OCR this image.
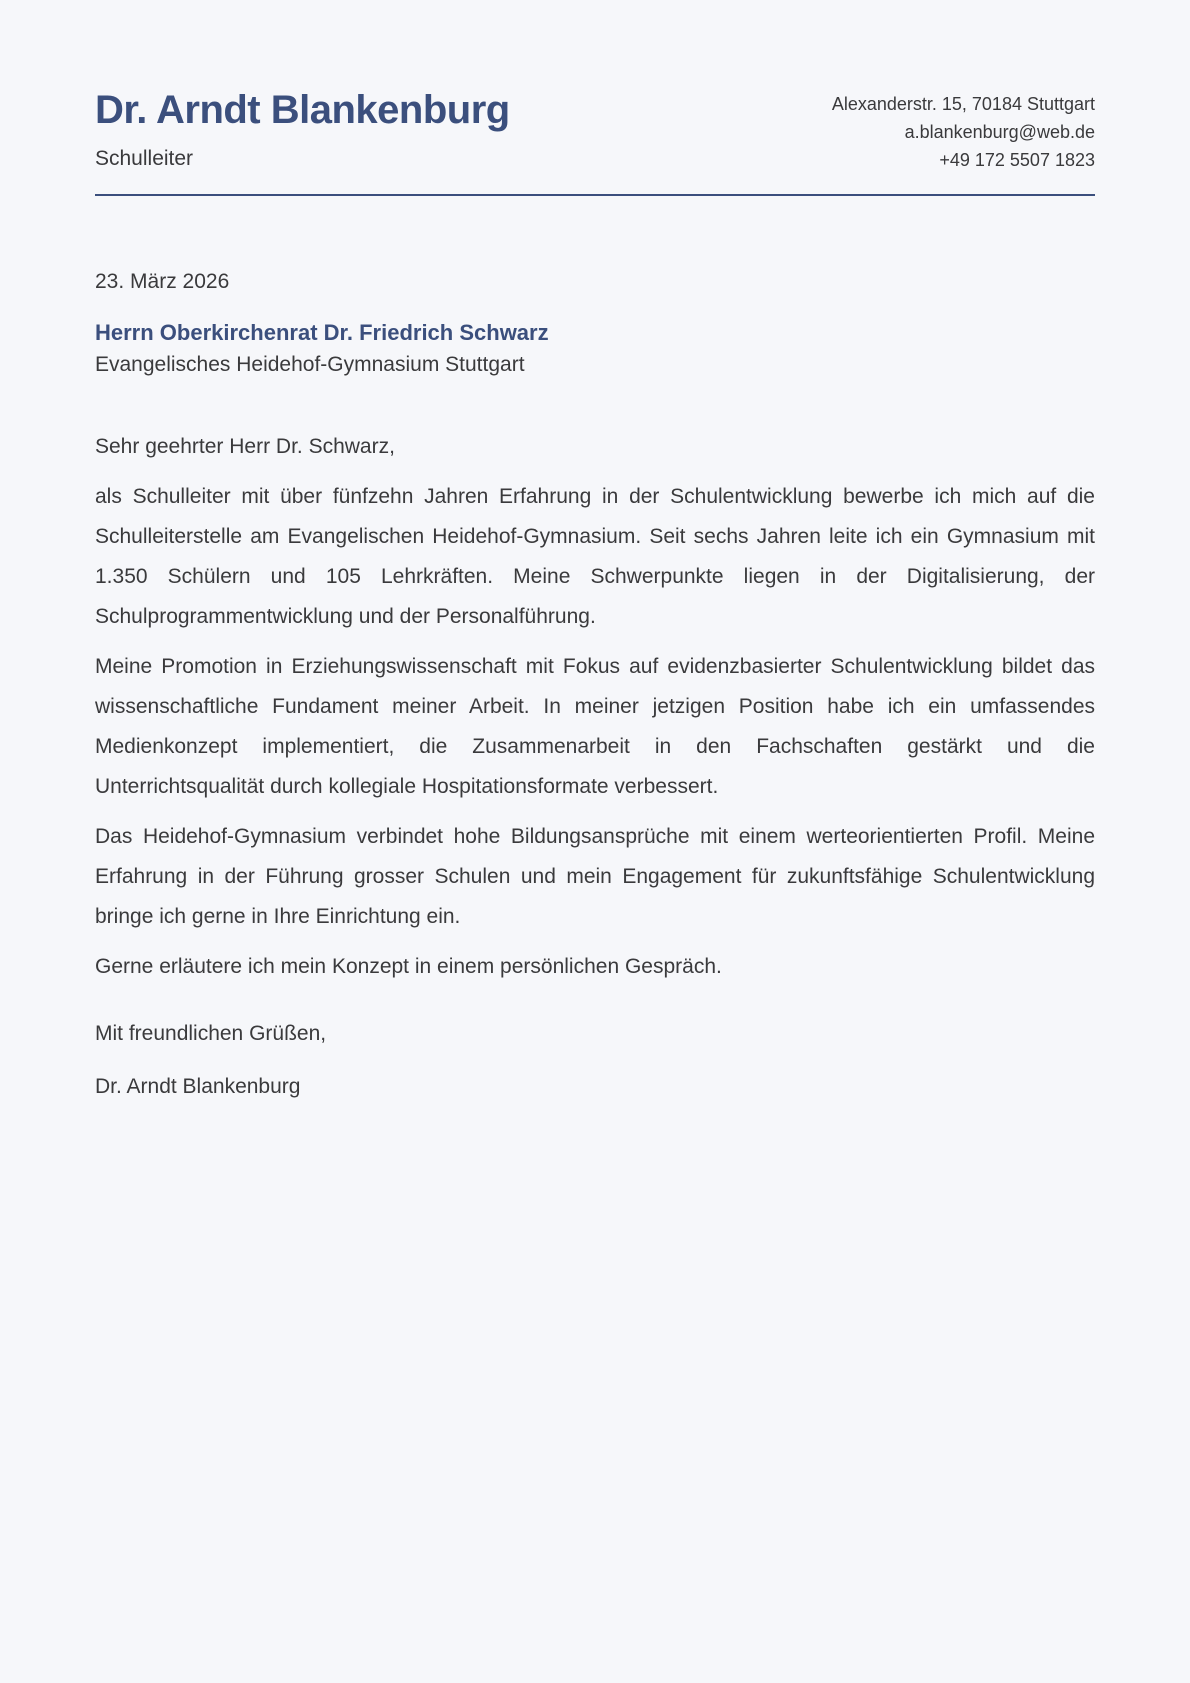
Dr. Arndt Blankenburg
Schulleiter
Alexanderstr. 15, 70184 Stuttgart
a.blankenburg@web.de
+49 172 5507 1823
23. März 2026
Herrn Oberkirchenrat Dr. Friedrich Schwarz
Evangelisches Heidehof-Gymnasium Stuttgart
Sehr geehrter Herr Dr. Schwarz,

als Schulleiter mit über fünfzehn Jahren Erfahrung in der Schulentwicklung bewerbe ich mich auf die Schulleiterstelle am Evangelischen Heidehof-Gymnasium. Seit sechs Jahren leite ich ein Gymnasium mit 1.350 Schülern und 105 Lehrkräften. Meine Schwerpunkte liegen in der Digitalisierung, der Schulprogrammentwicklung und der Personalführung.

Meine Promotion in Erziehungswissenschaft mit Fokus auf evidenzbasierter Schulentwicklung bildet das wissenschaftliche Fundament meiner Arbeit. In meiner jetzigen Position habe ich ein umfassendes Medienkonzept implementiert, die Zusammenarbeit in den Fachschaften gestärkt und die Unterrichtsqualität durch kollegiale Hospitationsformate verbessert.

Das Heidehof-Gymnasium verbindet hohe Bildungsansprüche mit einem werteorientierten Profil. Meine Erfahrung in der Führung grosser Schulen und mein Engagement für zukunftsfähige Schulentwicklung bringe ich gerne in Ihre Einrichtung ein.

Gerne erläutere ich mein Konzept in einem persönlichen Gespräch.

Mit freundlichen Grüßen,
Dr. Arndt Blankenburg
